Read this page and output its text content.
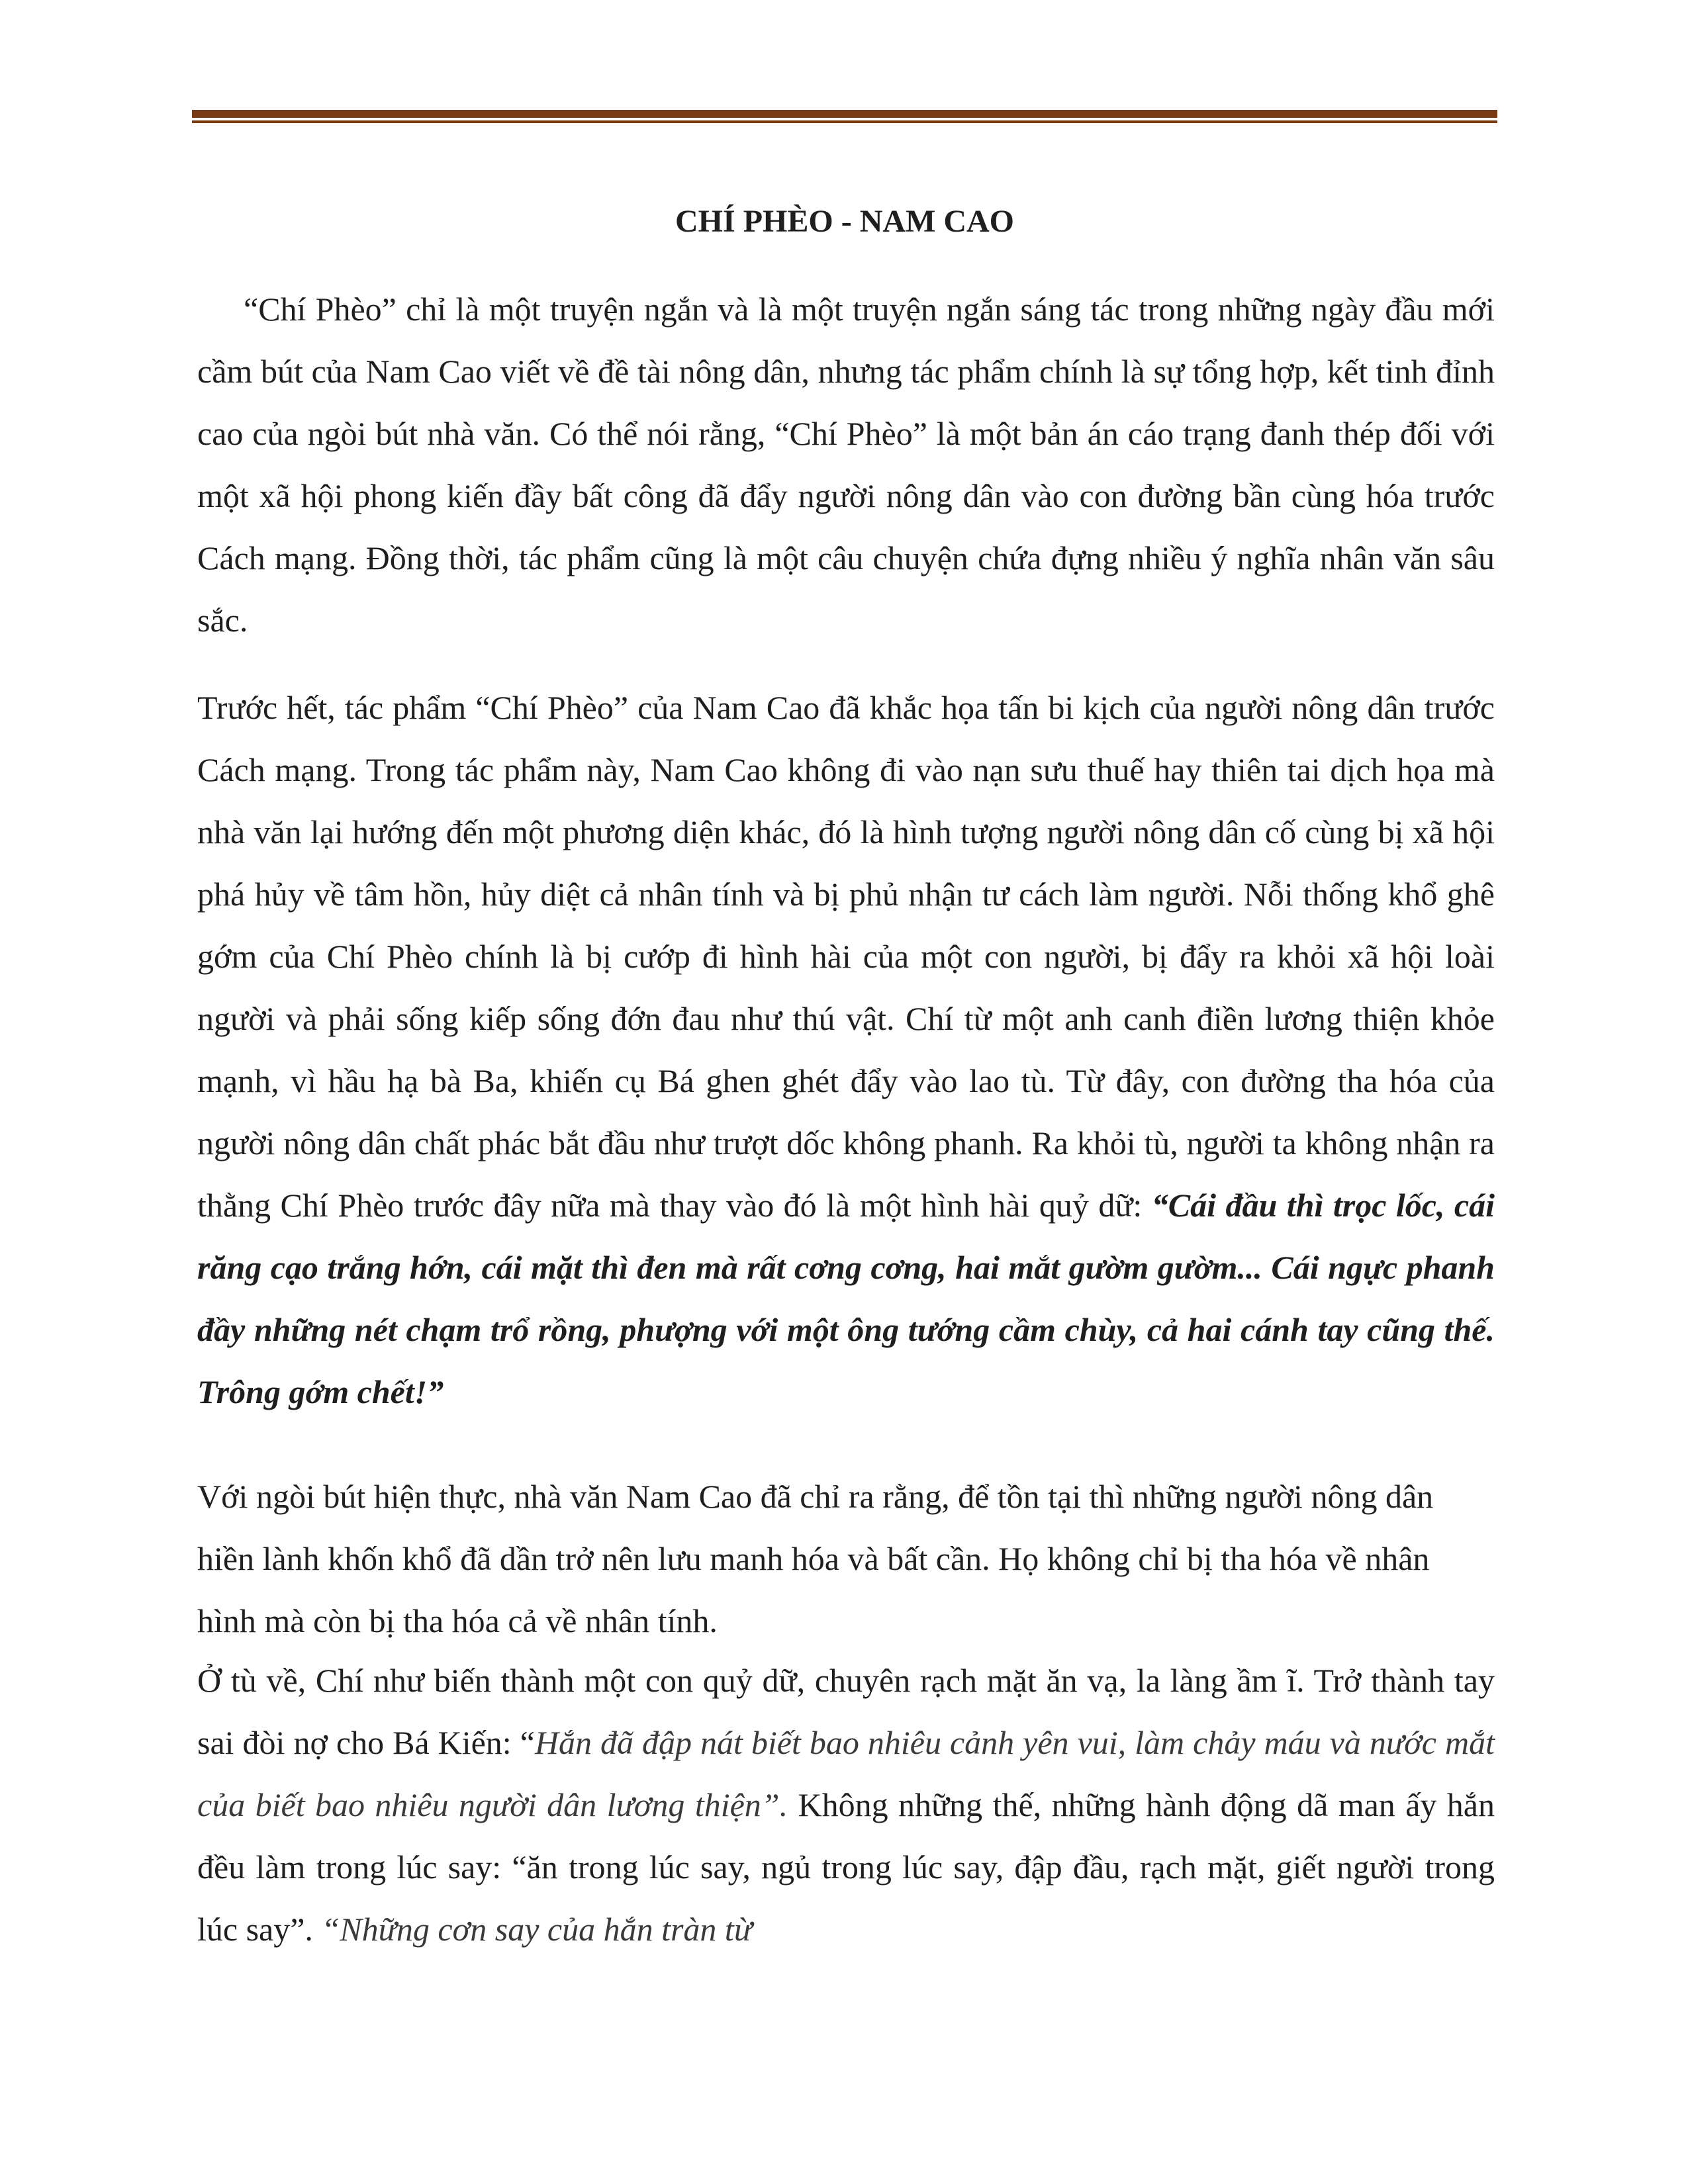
CHÍ PHÈO - NAM CAO

“Chí Phèo” chỉ là một truyện ngắn và là một truyện ngắn sáng tác trong những ngày đầu mới cầm bút của Nam Cao viết về đề tài nông dân, nhưng tác phẩm chính là sự tổng hợp, kết tinh đỉnh cao của ngòi bút nhà văn. Có thể nói rằng, “Chí Phèo” là một bản án cáo trạng đanh thép đối với một xã hội phong kiến đầy bất công đã đẩy người nông dân vào con đường bần cùng hóa trước Cách mạng. Đồng thời, tác phẩm cũng là một câu chuyện chứa đựng nhiều ý nghĩa nhân văn sâu sắc.

Trước hết, tác phẩm “Chí Phèo” của Nam Cao đã khắc họa tấn bi kịch của người nông dân trước Cách mạng. Trong tác phẩm này, Nam Cao không đi vào nạn sưu thuế hay thiên tai dịch họa mà nhà văn lại hướng đến một phương diện khác, đó là hình tượng người nông dân cố cùng bị xã hội phá hủy về tâm hồn, hủy diệt cả nhân tính và bị phủ nhận tư cách làm người. Nỗi thống khổ ghê gớm của Chí Phèo chính là bị cướp đi hình hài của một con người, bị đẩy ra khỏi xã hội loài người và phải sống kiếp sống đớn đau như thú vật. Chí từ một anh canh điền lương thiện khỏe mạnh, vì hầu hạ bà Ba, khiến cụ Bá ghen ghét đẩy vào lao tù. Từ đây, con đường tha hóa của người nông dân chất phác bắt đầu như trượt dốc không phanh. Ra khỏi tù, người ta không nhận ra thằng Chí Phèo trước đây nữa mà thay vào đó là một hình hài quỷ dữ: “Cái đầu thì trọc lốc, cái răng cạo trắng hớn, cái mặt thì đen mà rất cơng cơng, hai mắt gườm gườm... Cái ngực phanh đầy những nét chạm trổ rồng, phượng với một ông tướng cầm chùy, cả hai cánh tay cũng thế. Trông gớm chết!”

Với ngòi bút hiện thực, nhà văn Nam Cao đã chỉ ra rằng, để tồn tại thì những người nông dân hiền lành khốn khổ đã dần trở nên lưu manh hóa và bất cần. Họ không chỉ bị tha hóa về nhân hình mà còn bị tha hóa cả về nhân tính.

Ở tù về, Chí như biến thành một con quỷ dữ, chuyên rạch mặt ăn vạ, la làng ầm ĩ. Trở thành tay sai đòi nợ cho Bá Kiến: “Hắn đã đập nát biết bao nhiêu cảnh yên vui, làm chảy máu và nước mắt của biết bao nhiêu người dân lương thiện”. Không những thế, những hành động dã man ấy hắn đều làm trong lúc say: “ăn trong lúc say, ngủ trong lúc say, đập đầu, rạch mặt, giết người trong lúc say”. “Những cơn say của hắn tràn từ
